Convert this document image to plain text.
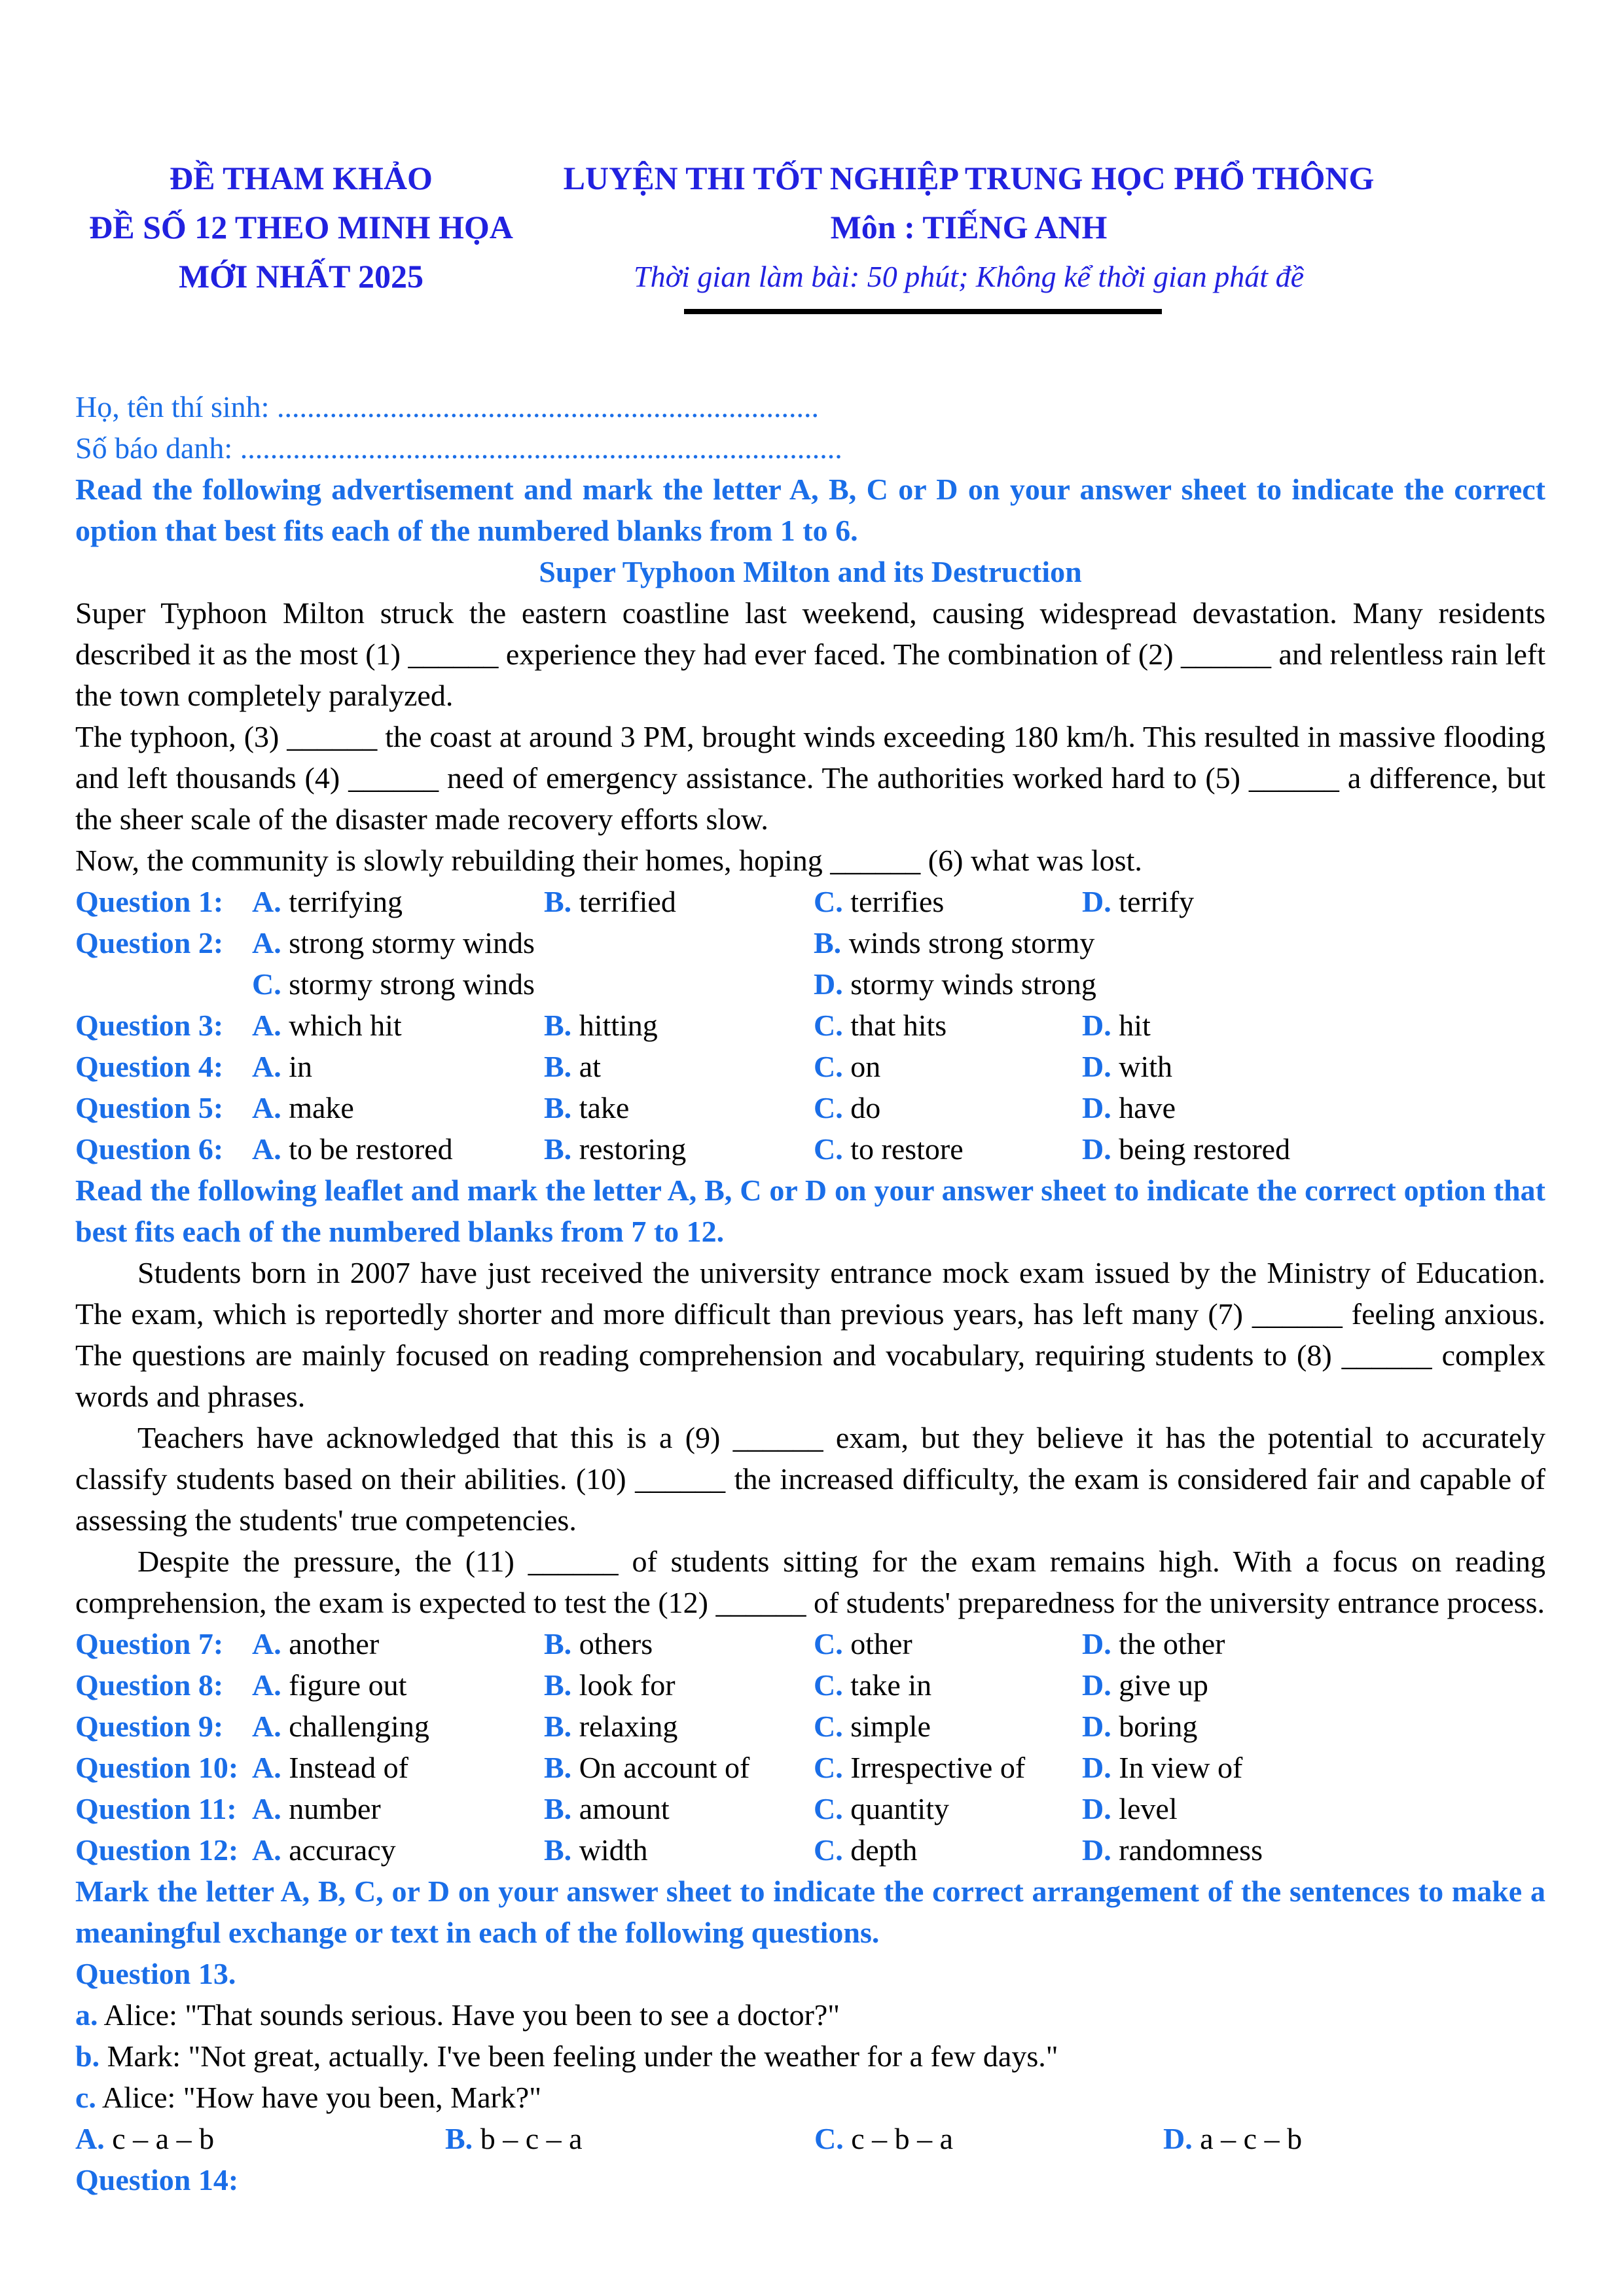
ĐỀ THAM KHẢO
ĐỀ SỐ 12 THEO MINH HỌA
MỚI NHẤT 2025
LUYỆN THI TỐT NGHIỆP TRUNG HỌC PHỔ THÔNG
Môn : TIẾNG ANH
Thời gian làm bài: 50 phút; Không kể thời gian phát đề
Họ, tên thí sinh: ........................................................................
Số báo danh: ................................................................................
Read the following advertisement and mark the letter A, B, C or D on your answer sheet to indicate the correct option that best fits each of the numbered blanks from 1 to 6.
Super Typhoon Milton and its Destruction

Super Typhoon Milton struck the eastern coastline last weekend, causing widespread devastation. Many residents described it as the most (1) ______ experience they had ever faced. The combination of (2) ______ and relentless rain left the town completely paralyzed.

The typhoon, (3) ______ the coast at around 3 PM, brought winds exceeding 180 km/h. This resulted in massive flooding and left thousands (4) ______ need of emergency assistance. The authorities worked hard to (5) ______ a difference, but the sheer scale of the disaster made recovery efforts slow.

Now, the community is slowly rebuilding their homes, hoping ______ (6) what was lost.

Question 1: A. terrifying	B. terrified	C. terrifies	D. terrify
Question 2: A. strong stormy winds	B. winds strong stormy
C. stormy strong winds	D. stormy winds strong
Question 3: A. which hit	B. hitting	C. that hits	D. hit
Question 4: A. in	B. at	C. on	D. with
Question 5: A. make	B. take	C. do	D. have
Question 6: A. to be restored	B. restoring	C. to restore	D. being restored
Read the following leaflet and mark the letter A, B, C or D on your answer sheet to indicate the correct option that best fits each of the numbered blanks from 7 to 12.

Students born in 2007 have just received the university entrance mock exam issued by the Ministry of Education. The exam, which is reportedly shorter and more difficult than previous years, has left many (7) ______ feeling anxious. The questions are mainly focused on reading comprehension and vocabulary, requiring students to (8) ______ complex words and phrases.

Teachers have acknowledged that this is a (9) ______ exam, but they believe it has the potential to accurately classify students based on their abilities. (10) ______ the increased difficulty, the exam is considered fair and capable of assessing the students' true competencies.

Despite the pressure, the (11) ______ of students sitting for the exam remains high. With a focus on reading comprehension, the exam is expected to test the (12) ______ of students' preparedness for the university entrance process.

Question 7: A. another	B. others	C. other	D. the other
Question 8: A. figure out	B. look for	C. take in	D. give up
Question 9: A. challenging	B. relaxing	C. simple	D. boring
Question 10: A. Instead of	B. On account of	C. Irrespective of	D. In view of
Question 11: A. number	B. amount	C. quantity	D. level
Question 12: A. accuracy	B. width	C. depth	D. randomness
Mark the letter A, B, C, or D on your answer sheet to indicate the correct arrangement of the sentences to make a meaningful exchange or text in each of the following questions.
Question 13.

a. Alice: "That sounds serious. Have you been to see a doctor?"

b. Mark: "Not great, actually. I've been feeling under the weather for a few days."

c. Alice: "How have you been, Mark?"

A. c – a – b	B. b – c – a	C. c – b – a	D. a – c – b
Question 14:
